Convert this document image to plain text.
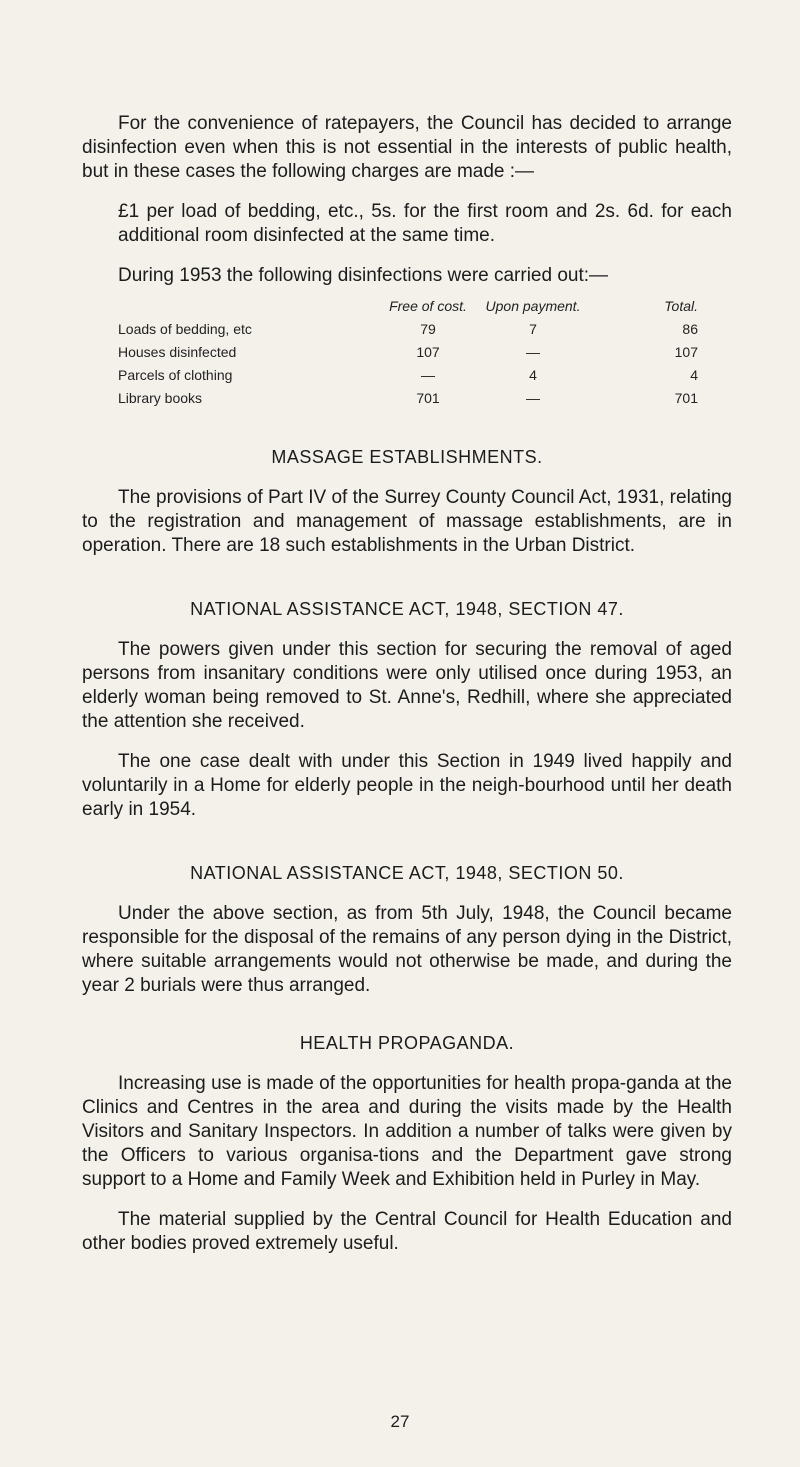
For the convenience of ratepayers, the Council has decided to arrange disinfection even when this is not essential in the interests of public health, but in these cases the following charges are made :—

£1 per load of bedding, etc., 5s. for the first room and 2s. 6d. for each additional room disinfected at the same time.

During 1953 the following disinfections were carried out:—

	Free of cost.	Upon payment.	Total.
Loads of bedding, etc	79	7	86
Houses disinfected	107	—	107
Parcels of clothing	—	4	4
Library books	701	—	701
MASSAGE ESTABLISHMENTS.

The provisions of Part IV of the Surrey County Council Act, 1931, relating to the registration and management of massage establishments, are in operation. There are 18 such establishments in the Urban District.

NATIONAL ASSISTANCE ACT, 1948, SECTION 47.

The powers given under this section for securing the removal of aged persons from insanitary conditions were only utilised once during 1953, an elderly woman being removed to St. Anne's, Redhill, where she appreciated the attention she received.

The one case dealt with under this Section in 1949 lived happily and voluntarily in a Home for elderly people in the neigh-bourhood until her death early in 1954.

NATIONAL ASSISTANCE ACT, 1948, SECTION 50.

Under the above section, as from 5th July, 1948, the Council became responsible for the disposal of the remains of any person dying in the District, where suitable arrangements would not otherwise be made, and during the year 2 burials were thus arranged.

HEALTH PROPAGANDA.

Increasing use is made of the opportunities for health propa-ganda at the Clinics and Centres in the area and during the visits made by the Health Visitors and Sanitary Inspectors. In addition a number of talks were given by the Officers to various organisa-tions and the Department gave strong support to a Home and Family Week and Exhibition held in Purley in May.

The material supplied by the Central Council for Health Education and other bodies proved extremely useful.

27
